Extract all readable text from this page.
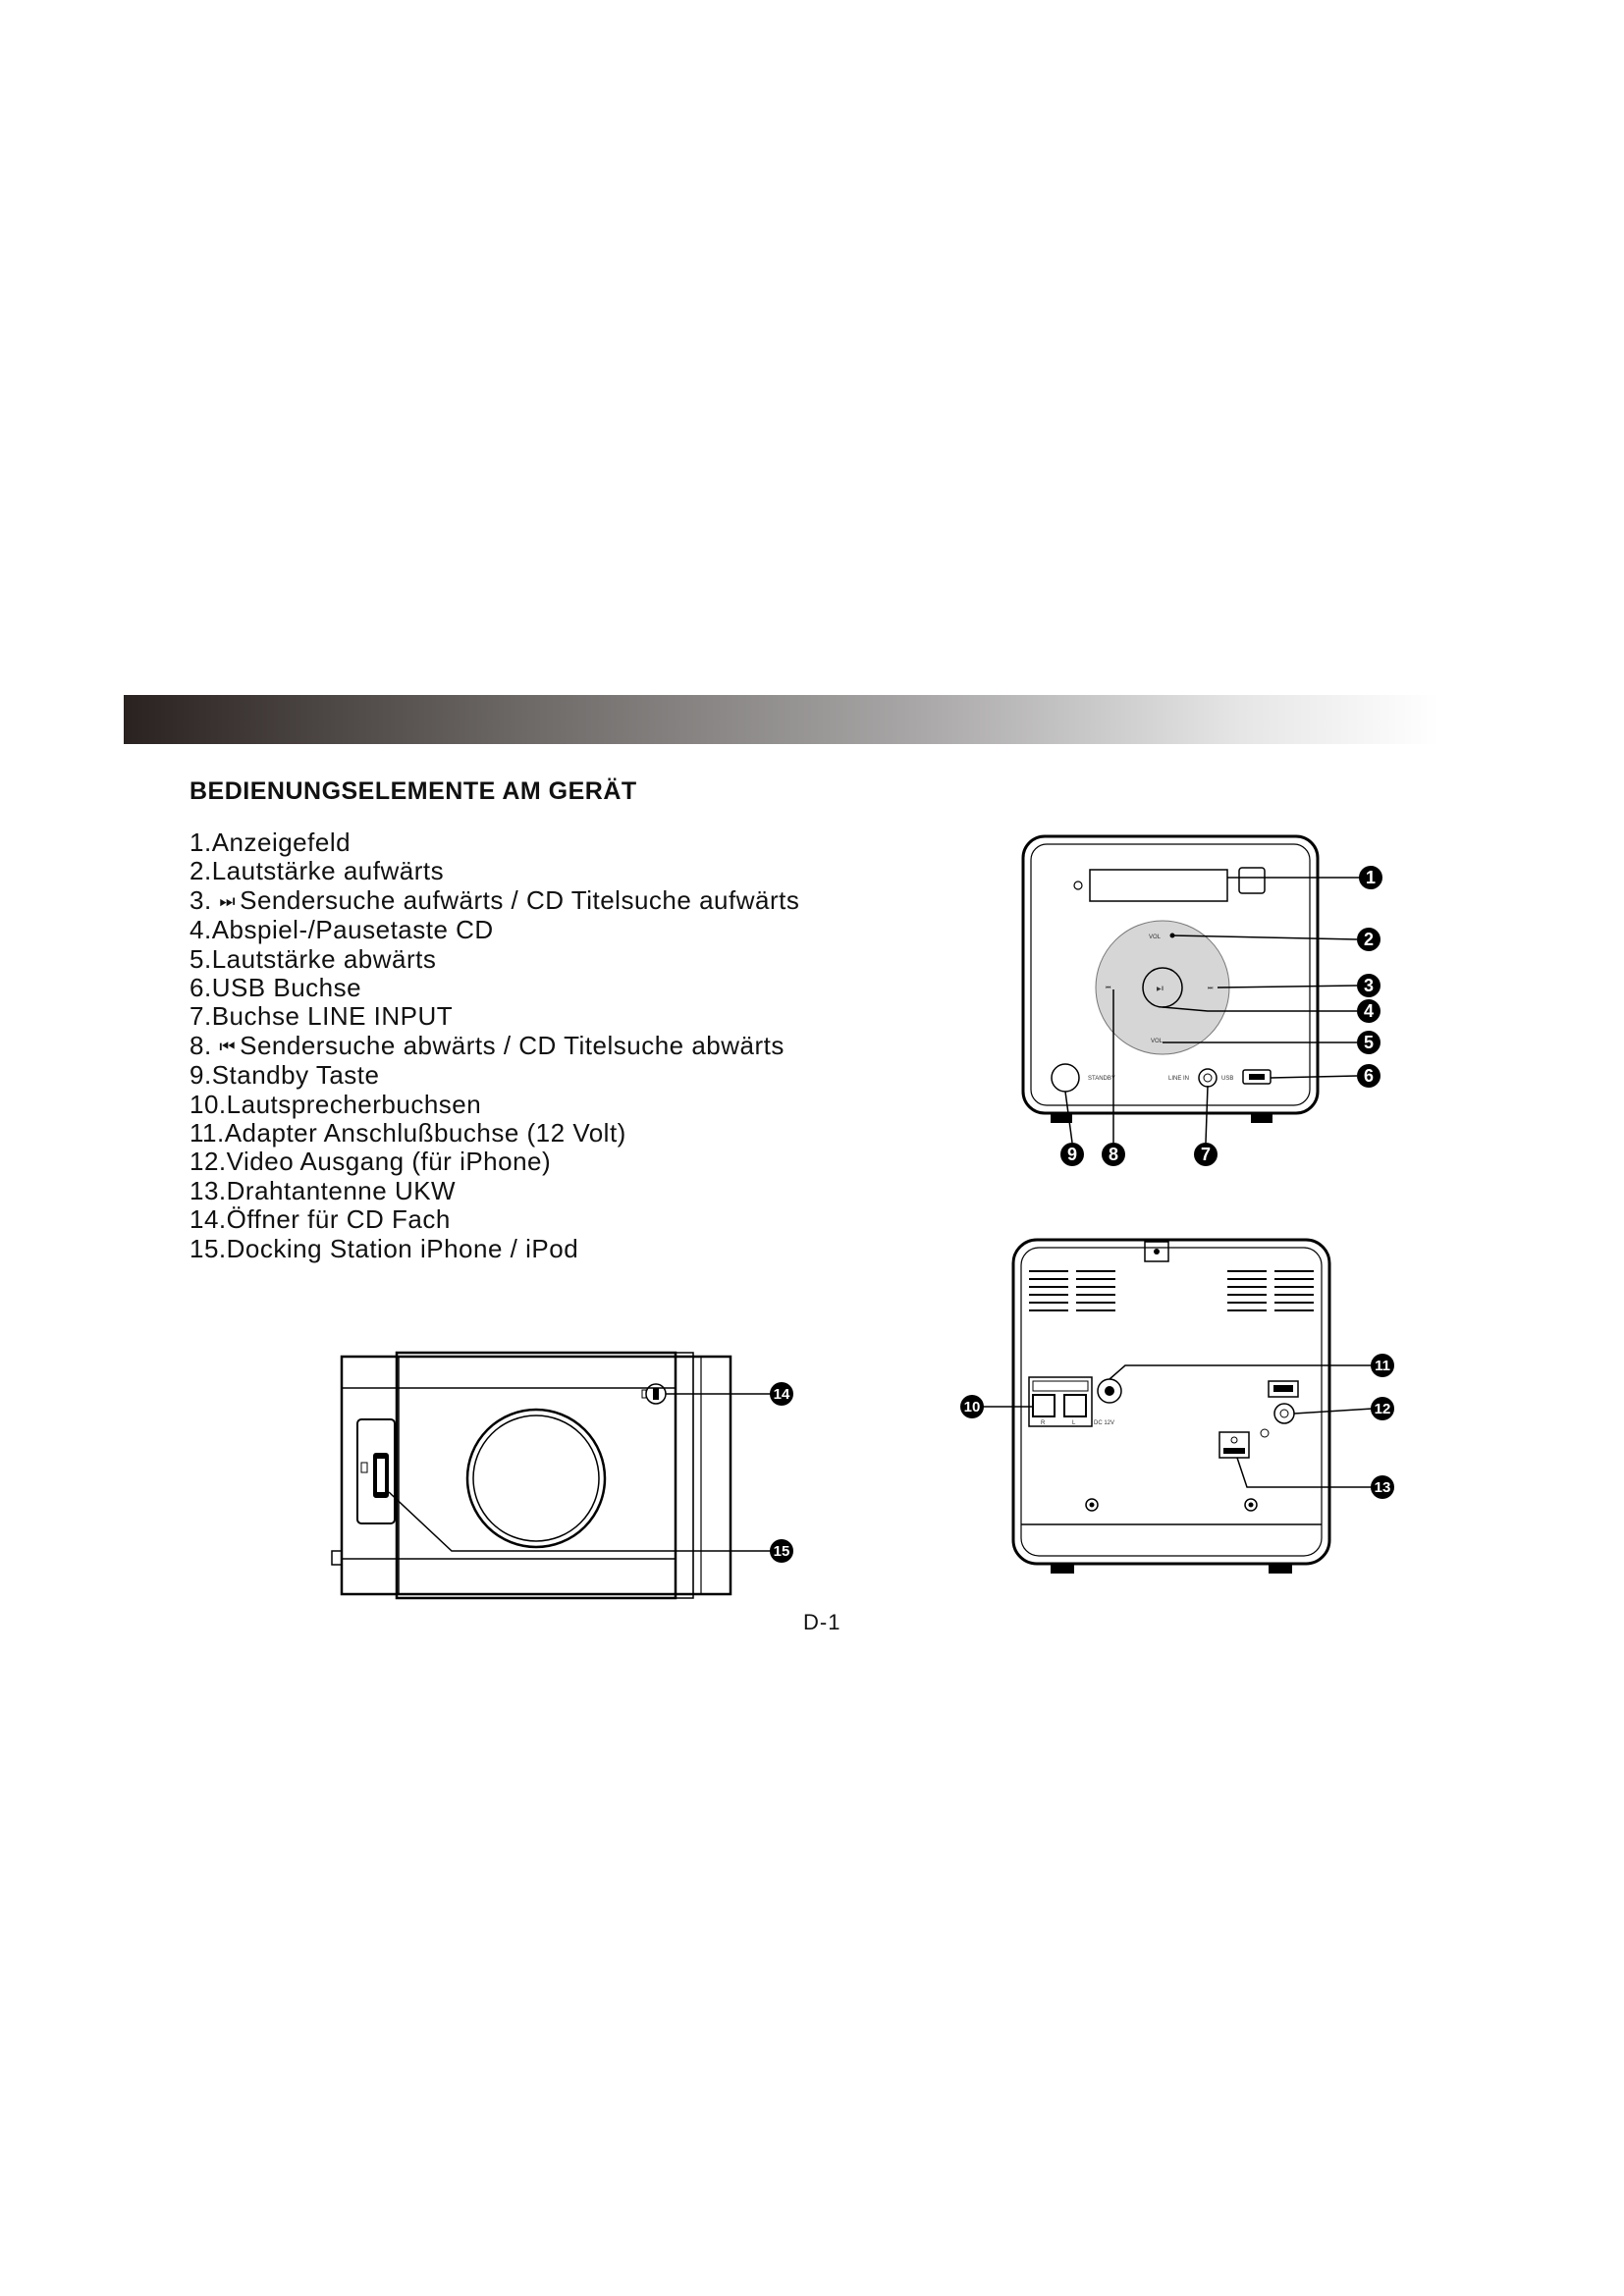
BEDIENUNGSELEMENTE AM GERÄT
1.Anzeigefeld
2.Lautstärke aufwärts
3. ⏭ Sendersuche aufwärts / CD Titelsuche aufwärts
4.Abspiel-/Pausetaste CD
5.Lautstärke abwärts
6.USB Buchse
7.Buchse LINE INPUT
8. ⏮ Sendersuche abwärts / CD Titelsuche abwärts
9.Standby Taste
10.Lautsprecherbuchsen
11.Adapter Anschlußbuchse (12 Volt)
12.Video Ausgang (für iPhone)
13.Drahtantenne UKW
14.Öffner für CD Fach
15.Docking Station iPhone / iPod
▶ǁ
VOL
VOL
⏮	⏭
STANDBY	LINE IN	USB
1
2
3
4
5
6
9 8	7
R	L	DC 12V
11
12
13
10
14
15
D-1
